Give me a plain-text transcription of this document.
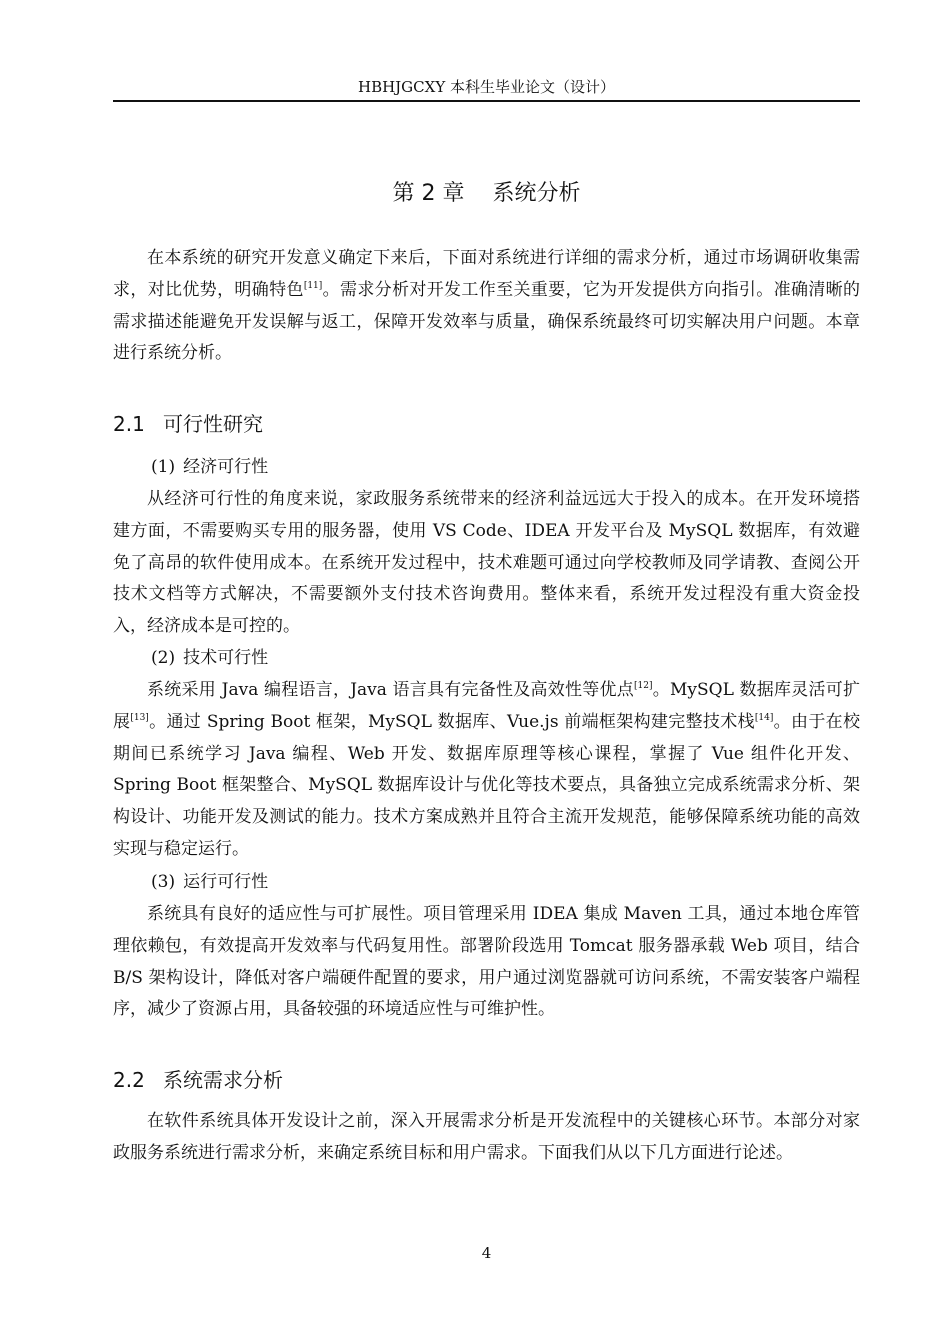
HBHJGCXY 本科生毕业论文（设计）
第 2 章    系统分析

在本系统的研究开发意义确定下来后，下面对系统进行详细的需求分析，通过市场调研收集需求，对比优势，明确特色[11]。需求分析对开发工作至关重要，它为开发提供方向指引。准确清晰的需求描述能避免开发误解与返工，保障开发效率与质量，确保系统最终可切实解决用户问题。本章进行系统分析。

2.1 可行性研究
(1) 经济可行性

从经济可行性的角度来说，家政服务系统带来的经济利益远远大于投入的成本。在开发环境搭建方面，不需要购买专用的服务器，使用 VS Code、IDEA 开发平台及 MySQL 数据库，有效避免了高昂的软件使用成本。在系统开发过程中，技术难题可通过向学校教师及同学请教、查阅公开技术文档等方式解决，不需要额外支付技术咨询费用。整体来看，系统开发过程没有重大资金投入，经济成本是可控的。

(2) 技术可行性

系统采用 Java 编程语言，Java 语言具有完备性及高效性等优点[12]。MySQL 数据库灵活可扩展[13]。通过 Spring Boot 框架，MySQL 数据库、Vue.js 前端框架构建完整技术栈[14]。由于在校期间已系统学习 Java 编程、Web 开发、数据库原理等核心课程，掌握了 Vue 组件化开发、Spring Boot 框架整合、MySQL 数据库设计与优化等技术要点，具备独立完成系统需求分析、架构设计、功能开发及测试的能力。技术方案成熟并且符合主流开发规范，能够保障系统功能的高效实现与稳定运行。

(3) 运行可行性

系统具有良好的适应性与可扩展性。项目管理采用 IDEA 集成 Maven 工具，通过本地仓库管理依赖包，有效提高开发效率与代码复用性。部署阶段选用 Tomcat 服务器承载 Web 项目，结合 B/S 架构设计，降低对客户端硬件配置的要求，用户通过浏览器就可访问系统，不需安装客户端程序，减少了资源占用，具备较强的环境适应性与可维护性。

2.2 系统需求分析

在软件系统具体开发设计之前，深入开展需求分析是开发流程中的关键核心环节。本部分对家政服务系统进行需求分析，来确定系统目标和用户需求。下面我们从以下几方面进行论述。

4
